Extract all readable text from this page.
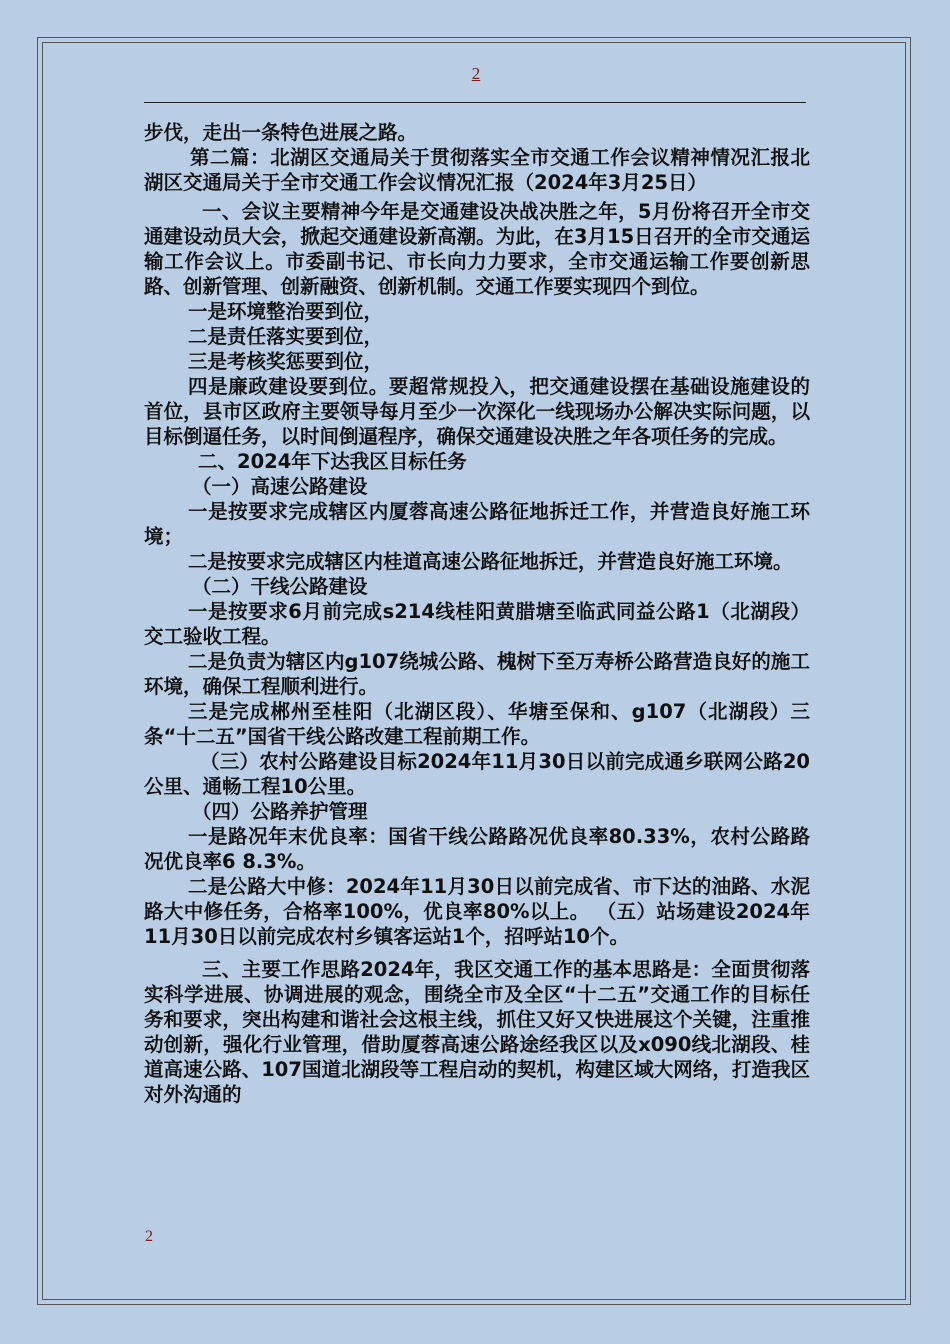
2

步伐，走出一条特色进展之路。

第二篇：北湖区交通局关于贯彻落实全市交通工作会议精神情况汇报北湖区交通局关于全市交通工作会议情况汇报（2024年3月25日）

一、会议主要精神今年是交通建设决战决胜之年，5月份将召开全市交通建设动员大会，掀起交通建设新高潮。为此，在3月15日召开的全市交通运输工作会议上。市委副书记、市长向力力要求，全市交通运输工作要创新思路、创新管理、创新融资、创新机制。交通工作要实现四个到位。

一是环境整治要到位，

二是责任落实要到位，

三是考核奖惩要到位，

四是廉政建设要到位。要超常规投入，把交通建设摆在基础设施建设的首位，县市区政府主要领导每月至少一次深化一线现场办公解决实际问题，以目标倒逼任务，以时间倒逼程序，确保交通建设决胜之年各项任务的完成。

二、2024年下达我区目标任务

（一）高速公路建设

一是按要求完成辖区内厦蓉高速公路征地拆迁工作，并营造良好施工环境；

二是按要求完成辖区内桂道高速公路征地拆迁，并营造良好施工环境。

（二）干线公路建设

一是按要求6月前完成s214线桂阳黄腊塘至临武同益公路1（北湖段）交工验收工程。

二是负责为辖区内g107绕城公路、槐树下至万寿桥公路营造良好的施工环境，确保工程顺利进行。

三是完成郴州至桂阳（北湖区段）、华塘至保和、g107（北湖段）三条“十二五”国省干线公路改建工程前期工作。

（三）农村公路建设目标2024年11月30日以前完成通乡联网公路20公里、通畅工程10公里。

（四）公路养护管理

一是路况年末优良率：国省干线公路路况优良率80.33%，农村公路路况优良率6 8.3%。

二是公路大中修：2024年11月30日以前完成省、市下达的油路、水泥路大中修任务，合格率100%，优良率80%以上。 （五）站场建设2024年11月30日以前完成农村乡镇客运站1个，招呼站10个。

三、主要工作思路2024年，我区交通工作的基本思路是：全面贯彻落实科学进展、协调进展的观念，围绕全市及全区“十二五”交通工作的目标任务和要求，突出构建和谐社会这根主线，抓住又好又快进展这个关键，注重推动创新，强化行业管理，借助厦蓉高速公路途经我区以及x090线北湖段、桂道高速公路、107国道北湖段等工程启动的契机，构建区域大网络，打造我区对外沟通的

2
